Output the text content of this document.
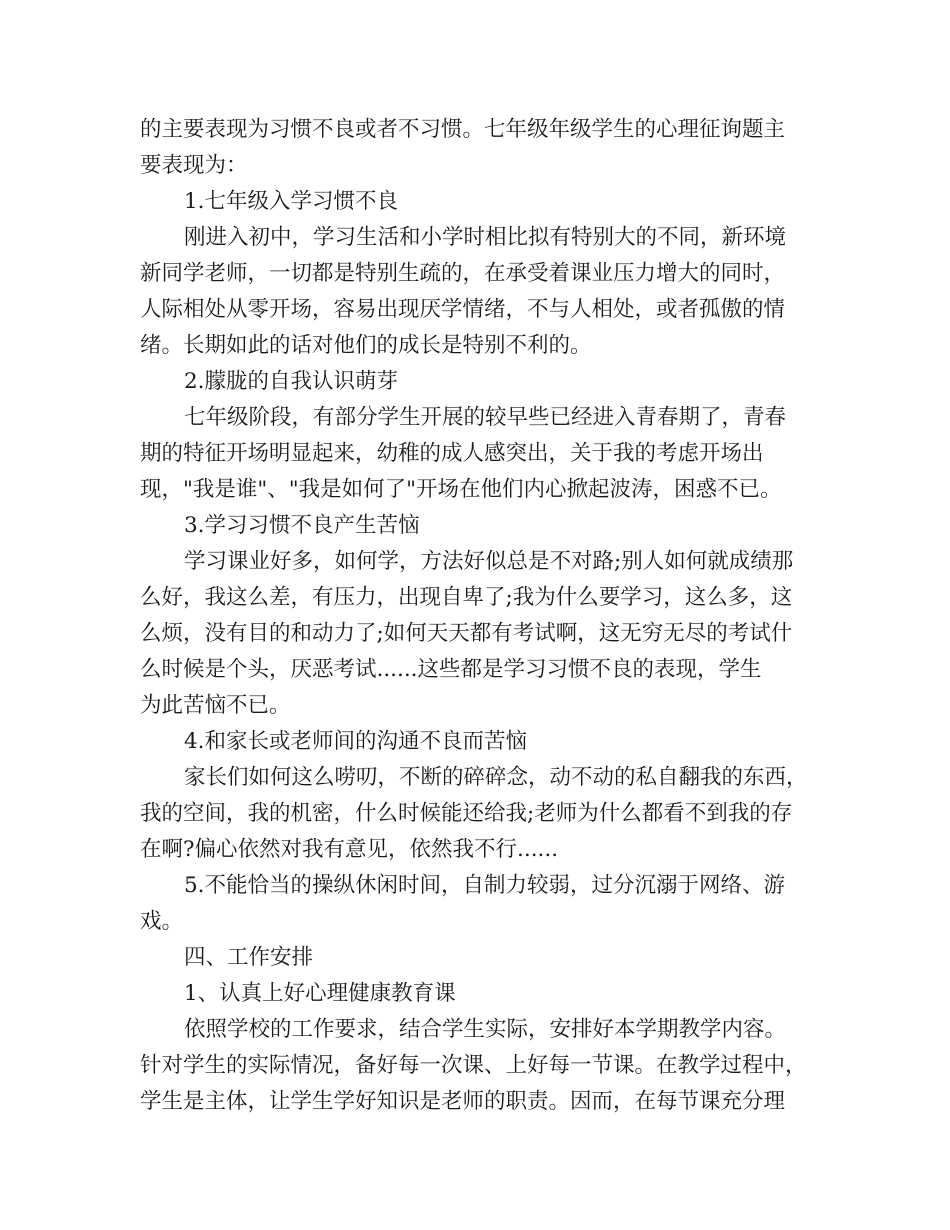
的主要表现为习惯不良或者不习惯。七年级年级学生的心理征询题主
要表现为：
1.七年级入学习惯不良
刚进入初中，学习生活和小学时相比拟有特别大的不同，新环境
新同学老师，一切都是特别生疏的，在承受着课业压力增大的同时，
人际相处从零开场，容易出现厌学情绪，不与人相处，或者孤傲的情
绪。长期如此的话对他们的成长是特别不利的。
2.朦胧的自我认识萌芽
七年级阶段，有部分学生开展的较早些已经进入青春期了，青春
期的特征开场明显起来，幼稚的成人感突出，关于我的考虑开场出
现，"我是谁"、"我是如何了"开场在他们内心掀起波涛，困惑不已。
3.学习习惯不良产生苦恼
学习课业好多，如何学，方法好似总是不对路;别人如何就成绩那
么好，我这么差，有压力，出现自卑了;我为什么要学习，这么多，这
么烦，没有目的和动力了;如何天天都有考试啊，这无穷无尽的考试什
么时候是个头，厌恶考试......这些都是学习习惯不良的表现，学生
为此苦恼不已。
4.和家长或老师间的沟通不良而苦恼
家长们如何这么唠叨，不断的碎碎念，动不动的私自翻我的东西，
我的空间，我的机密，什么时候能还给我;老师为什么都看不到我的存
在啊?偏心依然对我有意见，依然我不行......
5.不能恰当的操纵休闲时间，自制力较弱，过分沉溺于网络、游
戏。
四、工作安排
1、认真上好心理健康教育课
依照学校的工作要求，结合学生实际，安排好本学期教学内容。
针对学生的实际情况，备好每一次课、上好每一节课。在教学过程中，
学生是主体，让学生学好知识是老师的职责。因而，在每节课充分理
